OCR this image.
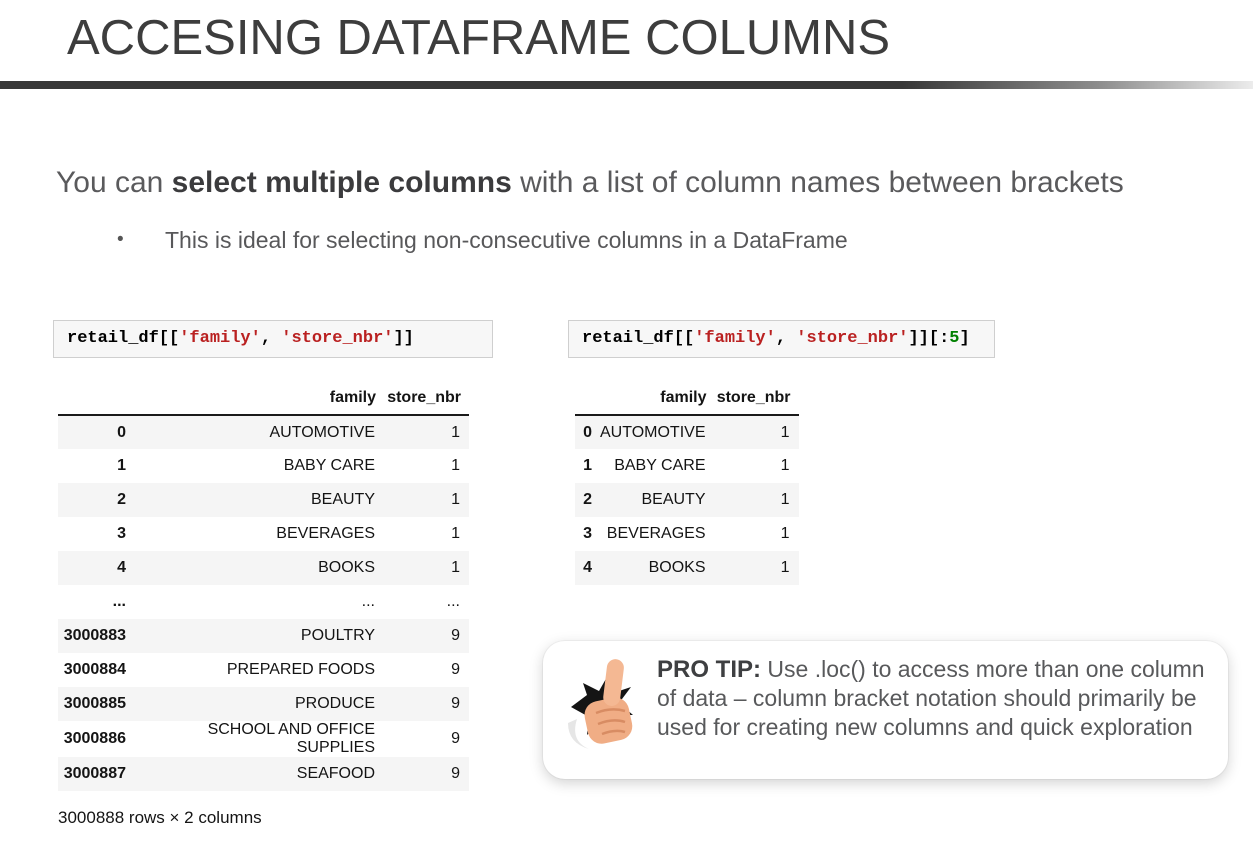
ACCESING DATAFRAME COLUMNS

You can select multiple columns with a list of column names between brackets

• This is ideal for selecting non-consecutive columns in a DataFrame
retail_df[['family', 'store_nbr']]	retail_df[['family', 'store_nbr']][:5]
	family	store_nbr
0	AUTOMOTIVE	1
1	BABY CARE	1
2	BEAUTY	1
3	BEVERAGES	1
4	BOOKS	1
...	...	...
3000883	POULTRY	9
3000884	PREPARED FOODS	9
3000885	PRODUCE	9
3000886	SCHOOL AND OFFICE SUPPLIES	9
3000887	SEAFOOD	9
	family	store_nbr
0	AUTOMOTIVE	1
1	BABY CARE	1
2	BEAUTY	1
3	BEVERAGES	1
4	BOOKS	1
3000888 rows × 2 columns

PRO TIP: Use .loc() to access more than one column of data – column bracket notation should primarily be used for creating new columns and quick exploration
